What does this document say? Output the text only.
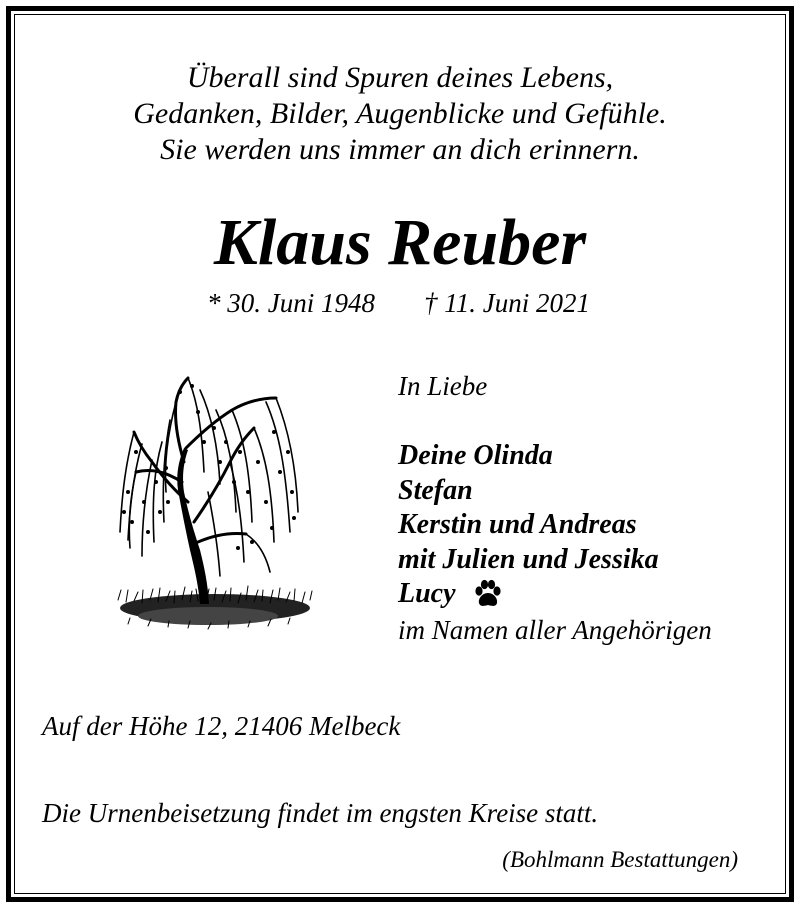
Überall sind Spuren deines Lebens,
Gedanken, Bilder, Augenblicke und Gefühle.
Sie werden uns immer an dich erinnern.
Klaus Reuber
* 30. Juni 1948 † 11. Juni 2021
In Liebe
Deine Olinda
Stefan
Kerstin und Andreas
mit Julien und Jessika
Lucy
im Namen aller Angehörigen
Auf der Höhe 12, 21406 Melbeck
Die Urnenbeisetzung findet im engsten Kreise statt.
(Bohlmann Bestattungen)
